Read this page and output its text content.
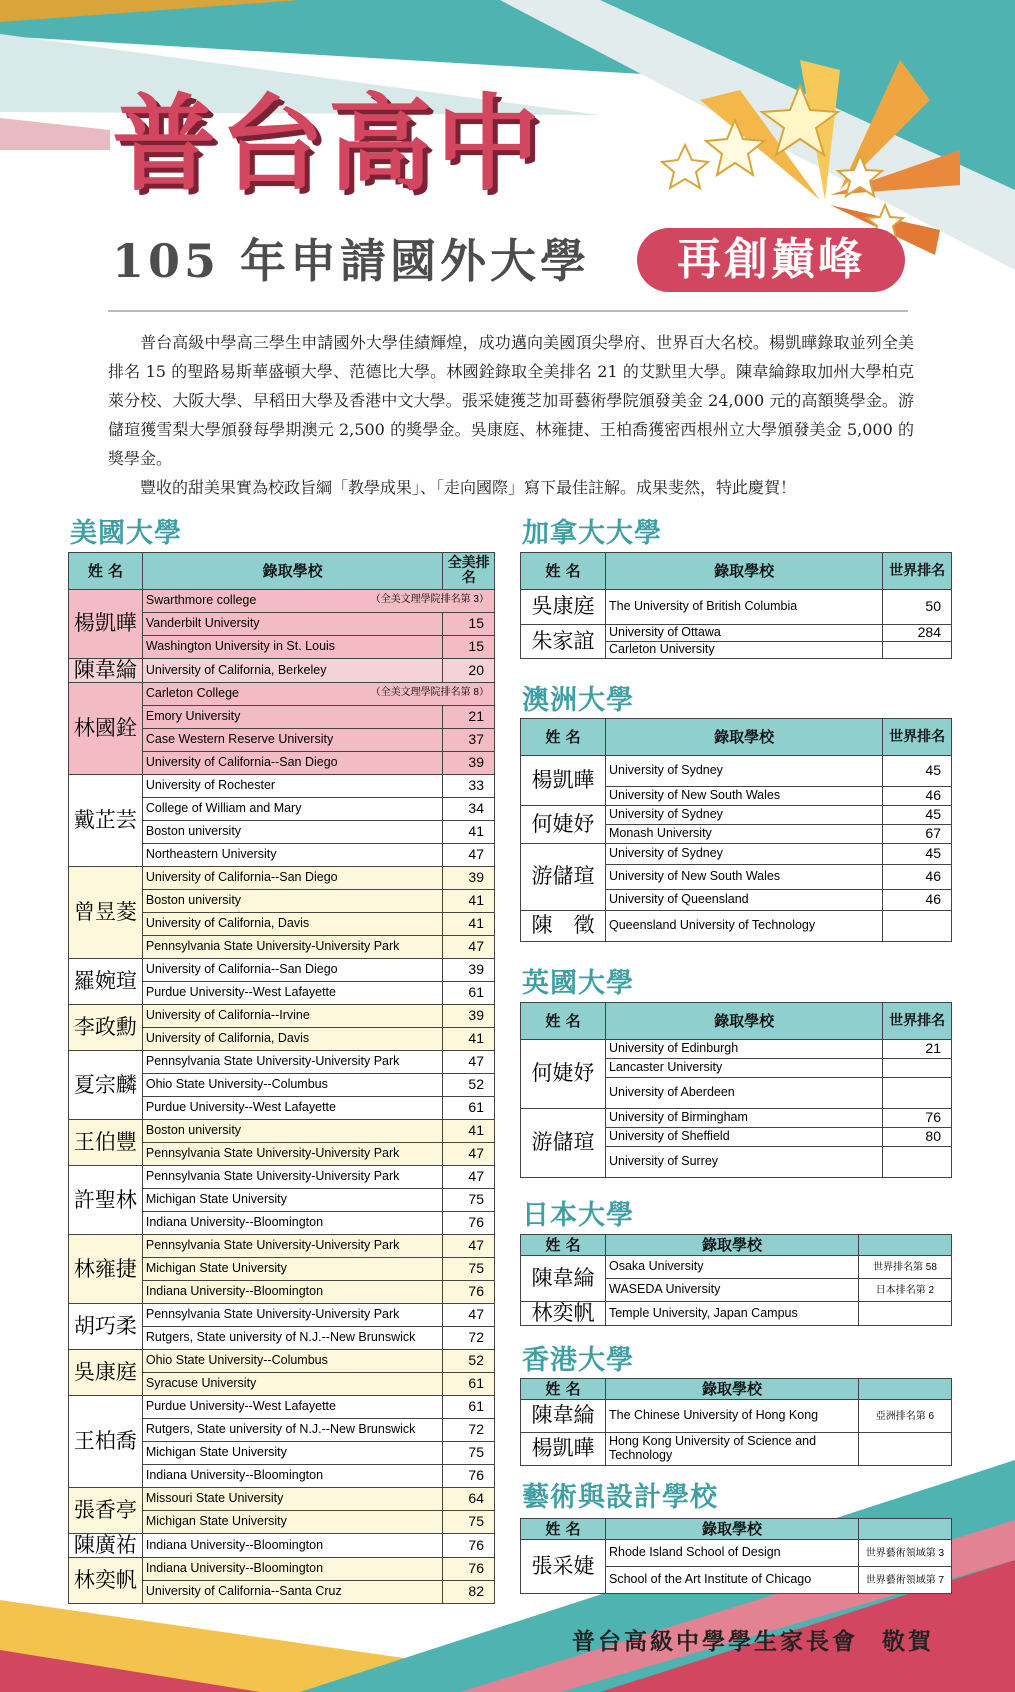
普台高中
105 年申請國外大學	再創巔峰

普台高級中學高三學生申請國外大學佳績輝煌，成功邁向美國頂尖學府、世界百大名校。楊凱曄錄取並列全美排名 15 的聖路易斯華盛頓大學、范德比大學。林國銓錄取全美排名 21 的艾默里大學。陳韋綸錄取加州大學柏克萊分校、大阪大學、早稻田大學及香港中文大學。張采婕獲芝加哥藝術學院頒發美金 24,000 元的高額獎學金。游儲瑄獲雪梨大學頒發每學期澳元 2,500 的獎學金。吳康庭、林雍捷、王柏喬獲密西根州立大學頒發美金 5,000 的獎學金。

豐收的甜美果實為校政旨綱「教學成果」、「走向國際」寫下最佳註解。成果斐然，特此慶賀！

美國大學
姓 名	錄取學校	全美排名
楊凱曄	Swarthmore college （全美文理學院排名第 3）	

	Vanderbilt University	15
	Washington University in St. Louis	15
陳韋綸	University of California, Berkeley	20
林國銓	Carleton College （全美文理學院排名第 8）	

	Emory University	21
	Case Western Reserve University	37
	University of California--San Diego	39
戴芷芸	University of Rochester	33
	College of William and Mary	34
	Boston university	41
	Northeastern University	47
曾昱菱	University of California--San Diego	39
	Boston university	41
	University of California, Davis	41
	Pennsylvania State University-University Park	47
羅婉瑄	University of California--San Diego	39
	Purdue University--West Lafayette	61
李政勳	University of California--Irvine	39
	University of California, Davis	41
夏宗麟	Pennsylvania State University-University Park	47
	Ohio State University--Columbus	52
	Purdue University--West Lafayette	61
王伯豐	Boston university	41
	Pennsylvania State University-University Park	47
許聖林	Pennsylvania State University-University Park	47
	Michigan State University	75
	Indiana University--Bloomington	76
林雍捷	Pennsylvania State University-University Park	47
	Michigan State University	75
	Indiana University--Bloomington	76
胡巧柔	Pennsylvania State University-University Park	47
	Rutgers, State university of N.J.--New Brunswick	72
吳康庭	Ohio State University--Columbus	52
	Syracuse University	61
王柏喬	Purdue University--West Lafayette	61
	Rutgers, State university of N.J.--New Brunswick	72
	Michigan State University	75
	Indiana University--Bloomington	76
張香亭	Missouri State University	64
	Michigan State University	75
陳廣祐	Indiana University--Bloomington	76
林奕帆	Indiana University--Bloomington	76
	University of California--Santa Cruz	82
加拿大大學
姓 名	錄取學校	世界排名
吳康庭	The University of British Columbia	50
朱家誼	University of Ottawa	284
	Carleton University	
澳洲大學
姓 名	錄取學校	世界排名
楊凱曄	University of Sydney	45
	University of New South Wales	46
何婕妤	University of Sydney	45
	Monash University	67
游儲瑄	University of Sydney	45
	University of New South Wales	46
	University of Queensland	46
陳　徵	Queensland University of Technology	
英國大學
姓 名	錄取學校	世界排名
何婕妤	University of Edinburgh	21
	Lancaster University	
	University of Aberdeen	
游儲瑄	University of Birmingham	76
	University of Sheffield	80
	University of Surrey	
日本大學
姓 名	錄取學校	
陳韋綸	Osaka University	世界排名第 58
	WASEDA University	日本排名第 2
林奕帆	Temple University, Japan Campus	
香港大學
姓 名	錄取學校	
陳韋綸	The Chinese University of Hong Kong	亞洲排名第 6
楊凱曄	Hong Kong University of Science and Technology	
藝術與設計學校
姓 名	錄取學校	
張采婕	Rhode Island School of Design	世界藝術領域第 3
	School of the Art Institute of Chicago	世界藝術領域第 7
普台高級中學學生家長會 敬賀
